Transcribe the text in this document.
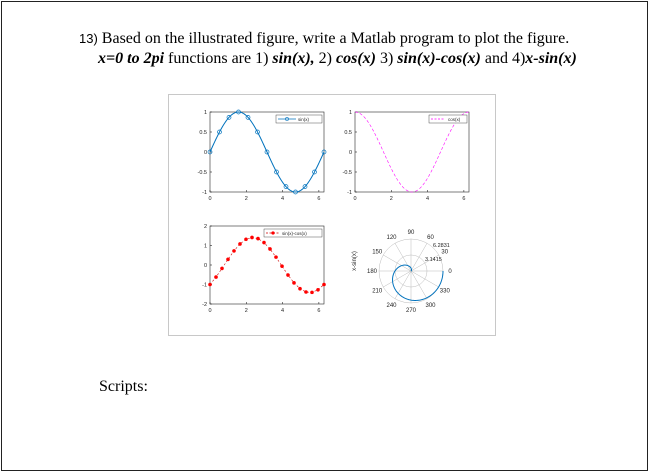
13) Based on the illustrated figure, write a Matlab program to plot the figure.
x=0 to 2pi functions are 1) sin(x), 2) cos(x) 3) sin(x)-cos(x) and 4)x-sin(x)
0	2	4	6
1
0.5
0
-0.5
-1
sin(x)
0	2	4	6
1
0.5
0
-0.5
-1
cos(x)
0	2	4	6
2
1
0
-1
-2
sin(x)-cos(x)	90
60
30
0
330
300
270
240
210
180
150
120
6.2831
3.1415
x-sin(x)
Scripts:
